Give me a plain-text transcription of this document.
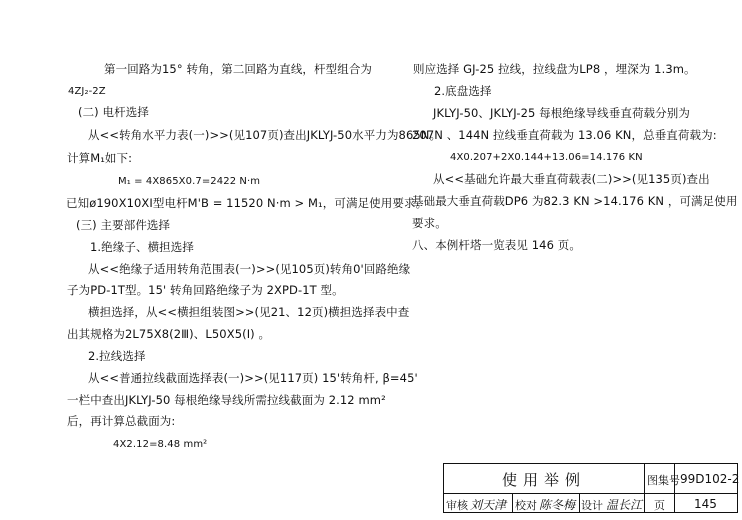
第一回路为15° 转角，第二回路为直线，杆型组合为
4ZJ₂-2Z
(二) 电杆选择
从<<转角水平力表(一)>>(见107页)查出JKLYJ-50水平力为865N。
计算M₁如下:
M₁ = 4X865X0.7=2422 N·m
已知ø190X10XⅠ型电杆M'B = 11520 N·m > M₁，可满足使用要求。
(三) 主要部件选择
1.绝缘子、横担选择
从<<绝缘子适用转角范围表(一)>>(见105页)转角0'回路绝缘
子为PD-1T型。15' 转角回路绝缘子为 2XPD-1T 型。
横担选择，从<<横担组装图>>(见21、12页)横担选择表中查
出其规格为2L75X8(2Ⅲ)、L50X5(Ⅰ) 。
2.拉线选择
从<<普通拉线截面选择表(一)>>(见117页) 15'转角杆, β=45'
一栏中查出JKLYJ-50 每根绝缘导线所需拉线截面为 2.12 mm²
后，再计算总截面为:
4X2.12=8.48 mm²
则应选择 GJ-25 拉线，拉线盘为LP8 ，埋深为 1.3m。
2.底盘选择
JKLYJ-50、JKLYJ-25 每根绝缘导线垂直荷载分别为
207N 、144N 拉线垂直荷载为 13.06 KN，总垂直荷载为:
4X0.207+2X0.144+13.06=14.176 KN
从<<基础允许最大垂直荷载表(二)>>(见135页)查出
基础最大垂直荷载DP6 为82.3 KN >14.176 KN ，可满足使用
要求。
八、本例杆塔一览表见 146 页。
使用举例	图集号 99D102-2
审核 刘天津 校对 陈冬梅 设计 温长江 页 145
